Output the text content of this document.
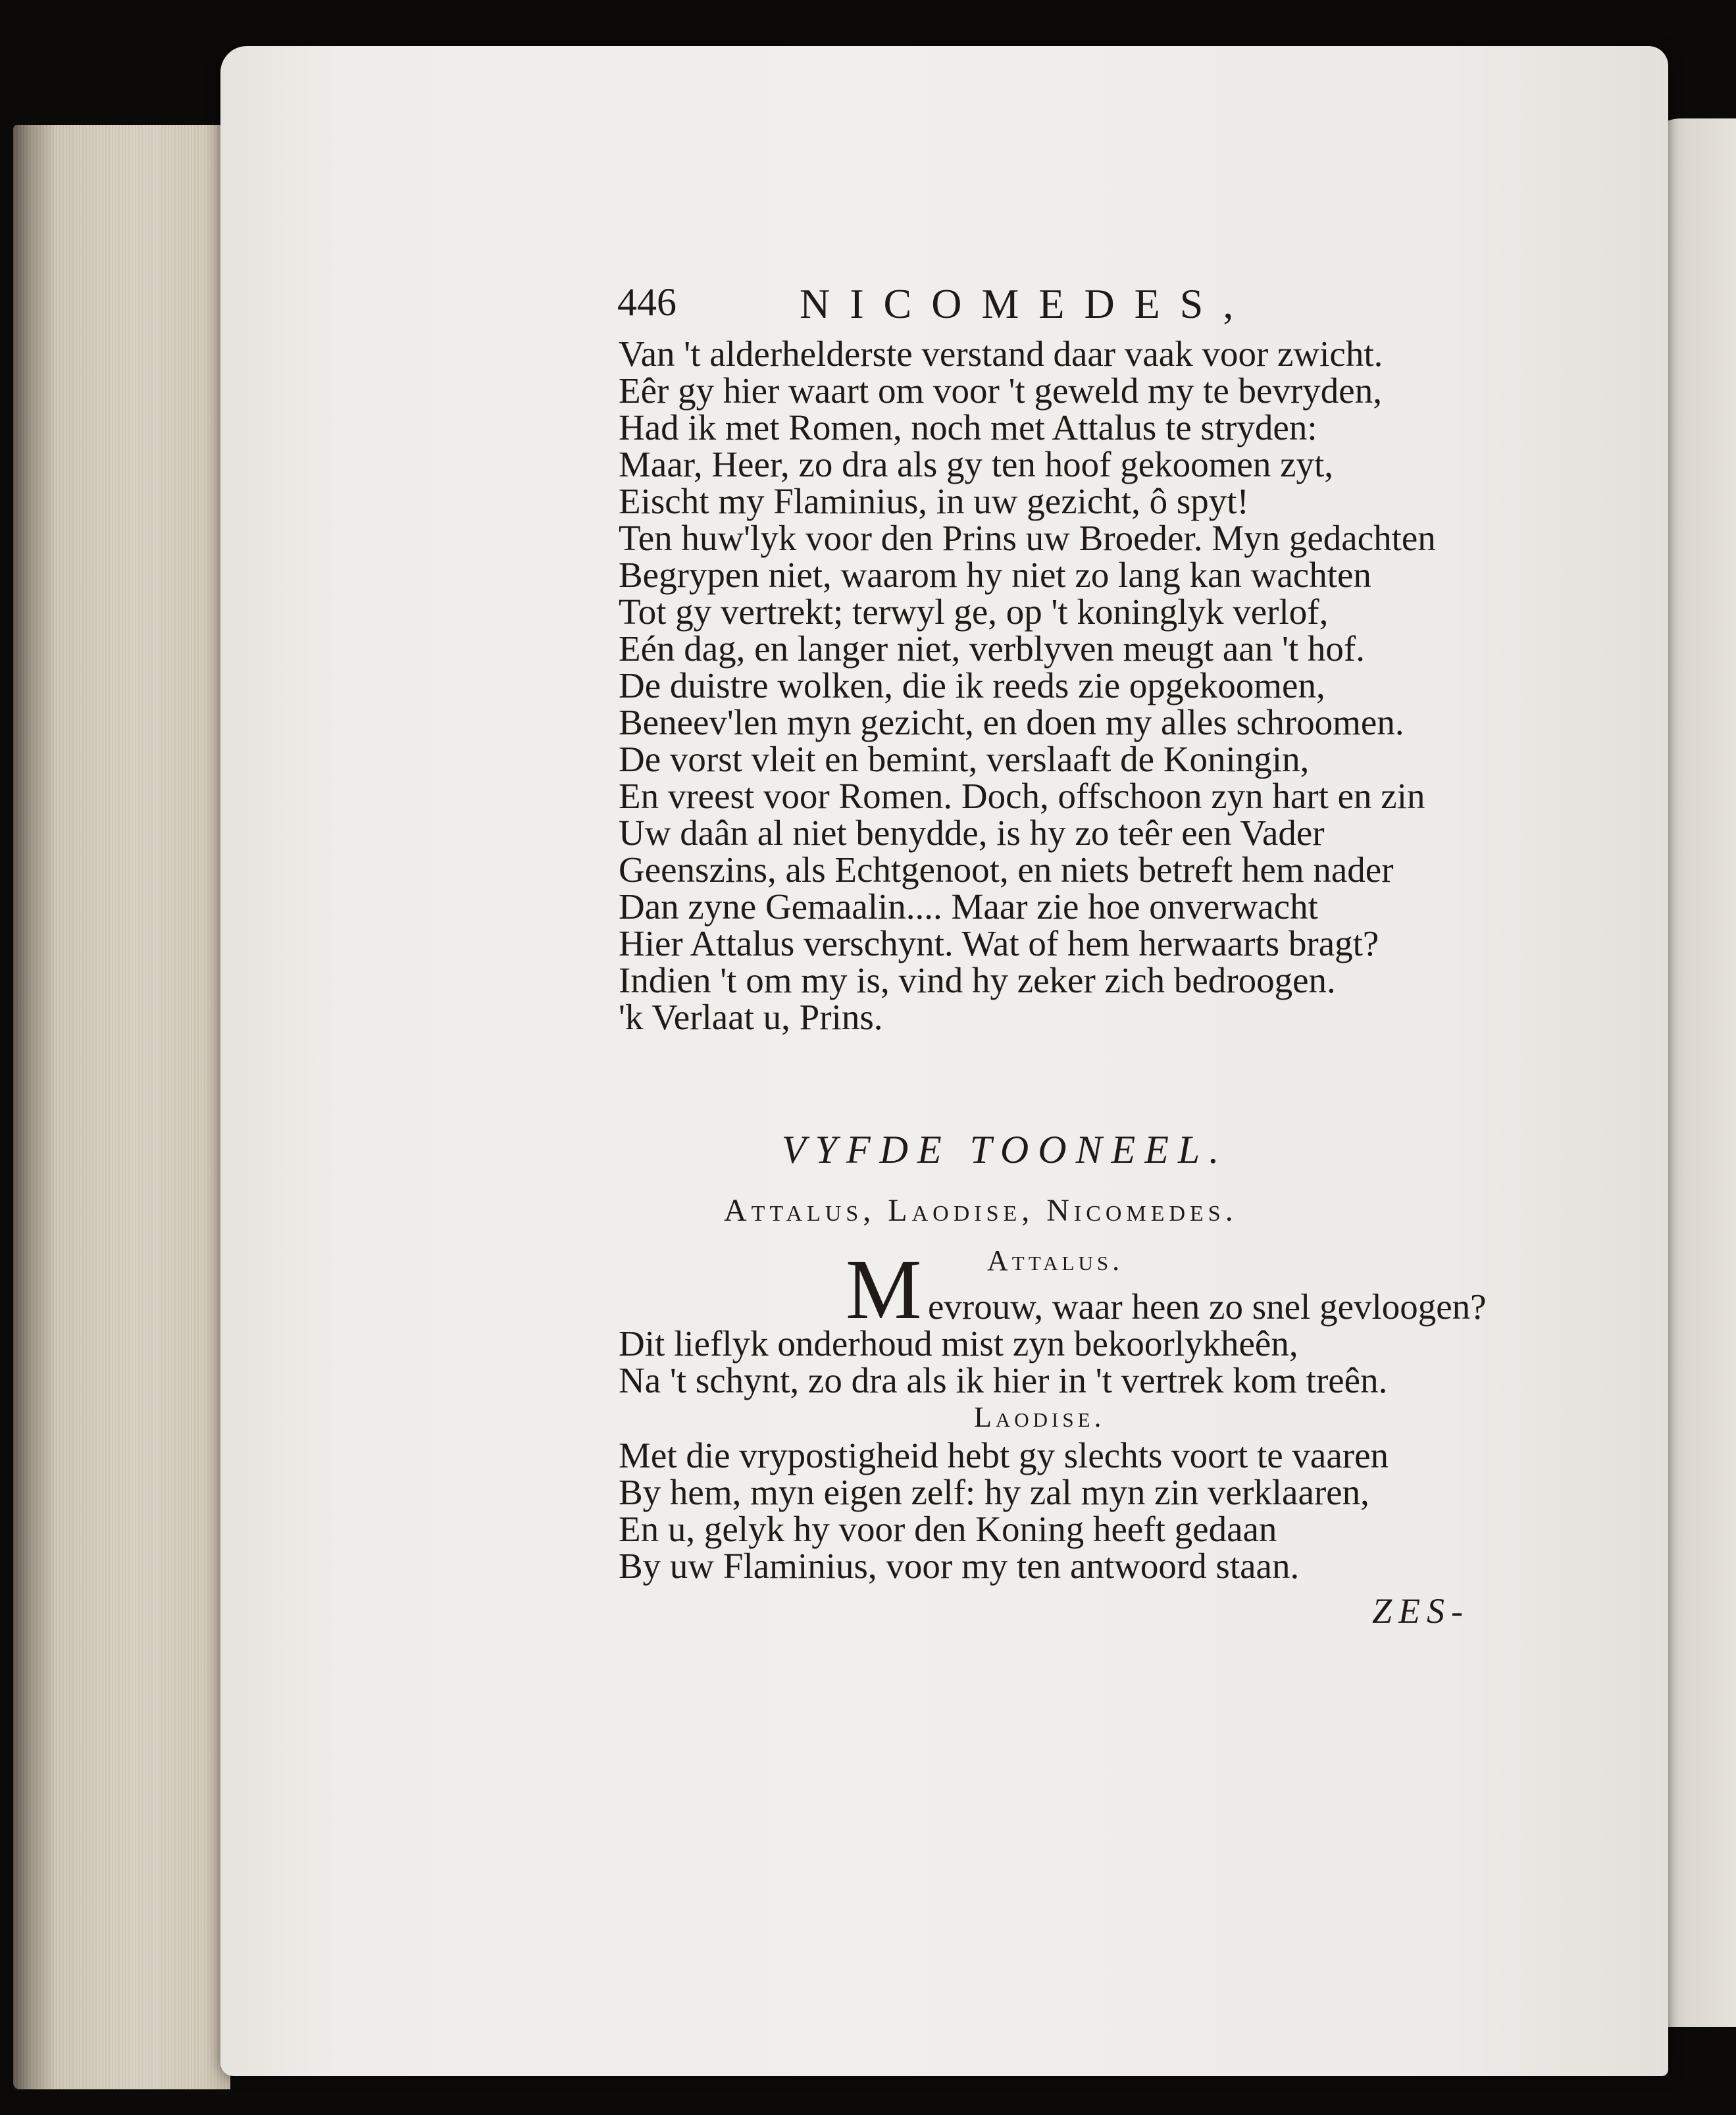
446	NICOMEDES,
Van 't alderhelderste verstand daar vaak voor zwicht.
Eêr gy hier waart om voor 't geweld my te bevryden,
Had ik met Romen, noch met Attalus te stryden:
Maar, Heer, zo dra als gy ten hoof gekoomen zyt,
Eischt my Flaminius, in uw gezicht, ô spyt!
Ten huw'lyk voor den Prins uw Broeder. Myn gedachten
Begrypen niet, waarom hy niet zo lang kan wachten
Tot gy vertrekt; terwyl ge, op 't koninglyk verlof,
Eén dag, en langer niet, verblyven meugt aan 't hof.
De duistre wolken, die ik reeds zie opgekoomen,
Beneev'len myn gezicht, en doen my alles schroomen.
De vorst vleit en bemint, verslaaft de Koningin,
En vreest voor Romen. Doch, offschoon zyn hart en zin
Uw daân al niet benydde, is hy zo teêr een Vader
Geenszins, als Echtgenoot, en niets betreft hem nader
Dan zyne Gemaalin.... Maar zie hoe onverwacht
Hier Attalus verschynt. Wat of hem herwaarts bragt?
Indien 't om my is, vind hy zeker zich bedroogen.
'k Verlaat u, Prins.
VYFDE TOONEEL.
Attalus, Laodise, Nicomedes.
Attalus.
M evrouw, waar heen zo snel gevloogen?
Dit lieflyk onderhoud mist zyn bekoorlykheên,
Na 't schynt, zo dra als ik hier in 't vertrek kom treên.
Laodise.
Met die vrypostigheid hebt gy slechts voort te vaaren
By hem, myn eigen zelf: hy zal myn zin verklaaren,
En u, gelyk hy voor den Koning heeft gedaan
By uw Flaminius, voor my ten antwoord staan.
ZES-
